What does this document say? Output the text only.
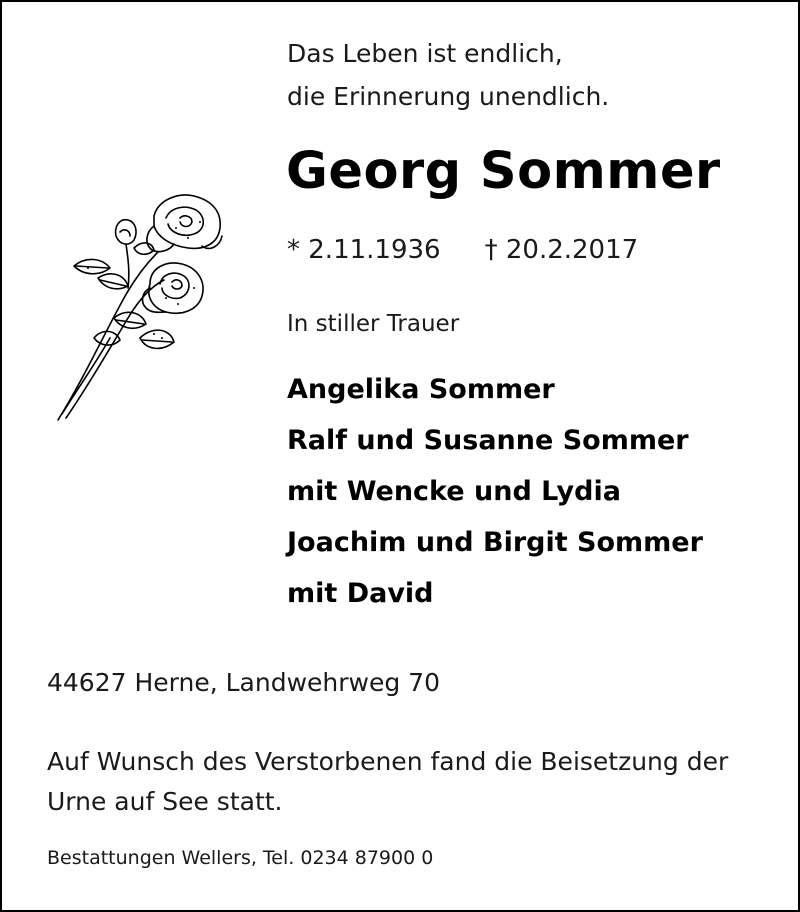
Das Leben ist endlich,
die Erinnerung unendlich.
Georg Sommer
* 2.11.1936 † 20.2.2017
In stiller Trauer
Angelika Sommer
Ralf und Susanne Sommer
mit Wencke und Lydia
Joachim und Birgit Sommer
mit David
44627 Herne, Landwehrweg 70
Auf Wunsch des Verstorbenen fand die Beisetzung der
Urne auf See statt.
Bestattungen Wellers, Tel. 0234 87900 0
